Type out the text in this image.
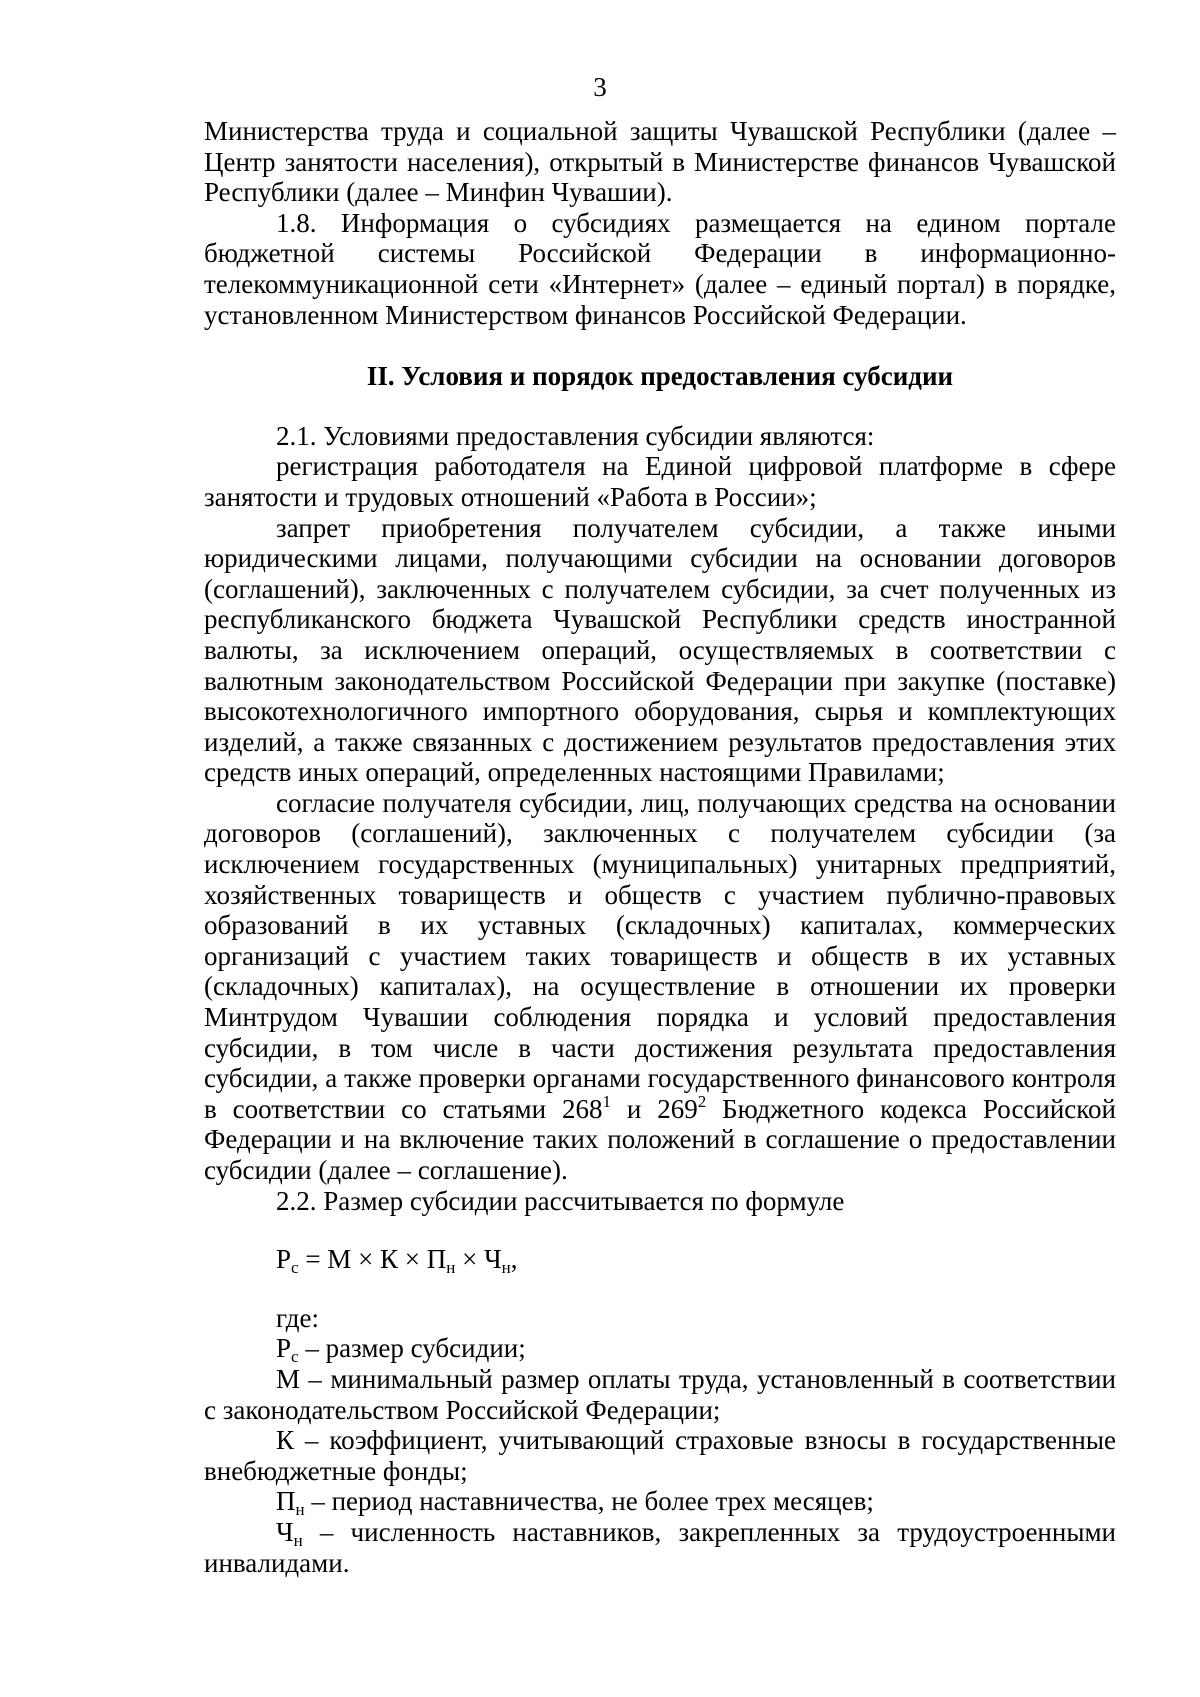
3

Министерства труда и социальной защиты Чувашской Республики (далее – Центр занятости населения), открытый в Министерстве финансов Чувашской Республики (далее – Минфин Чувашии).

1.8. Информация о субсидиях размещается на едином портале бюджетной системы Российской Федерации в информационно-телекоммуникационной сети «Интернет» (далее – единый портал) в порядке, установленном Министерством финансов Российской Федерации.

II. Условия и порядок предоставления субсидии

2.1. Условиями предоставления субсидии являются:

регистрация работодателя на Единой цифровой платформе в сфере занятости и трудовых отношений «Работа в России»;

запрет приобретения получателем субсидии, а также иными юридическими лицами, получающими субсидии на основании договоров (соглашений), заключенных с получателем субсидии, за счет полученных из республиканского бюджета Чувашской Республики средств иностранной валюты, за исключением операций, осуществляемых в соответствии с валютным законодательством Российской Федерации при закупке (поставке) высокотехнологичного импортного оборудования, сырья и комплектующих изделий, а также связанных с достижением результатов предоставления этих средств иных операций, определенных настоящими Правилами;

согласие получателя субсидии, лиц, получающих средства на основании договоров (соглашений), заключенных с получателем субсидии (за исключением государственных (муниципальных) унитарных предприятий, хозяйственных товариществ и обществ с участием публично-правовых образований в их уставных (складочных) капиталах, коммерческих организаций с участием таких товариществ и обществ в их уставных (складочных) капиталах), на осуществление в отношении их проверки Минтрудом Чувашии соблюдения порядка и условий предоставления субсидии, в том числе в части достижения результата предоставления субсидии, а также проверки органами государственного финансового контроля в соответствии со статьями $268^1$ и $269^2$ Бюджетного кодекса Российской Федерации и на включение таких положений в соглашение о предоставлении субсидии (далее – соглашение).

2.2. Размер субсидии рассчитывается по формуле

$Р_с = М \times К \times П_н \times Ч_н$,

где:

$Р_с$ – размер субсидии;

М – минимальный размер оплаты труда, установленный в соответствии с законодательством Российской Федерации;

К – коэффициент, учитывающий страховые взносы в государственные внебюджетные фонды;

$П_н$ – период наставничества, не более трех месяцев;

$Ч_н$ – численность наставников, закрепленных за трудоустроенными инвалидами.
